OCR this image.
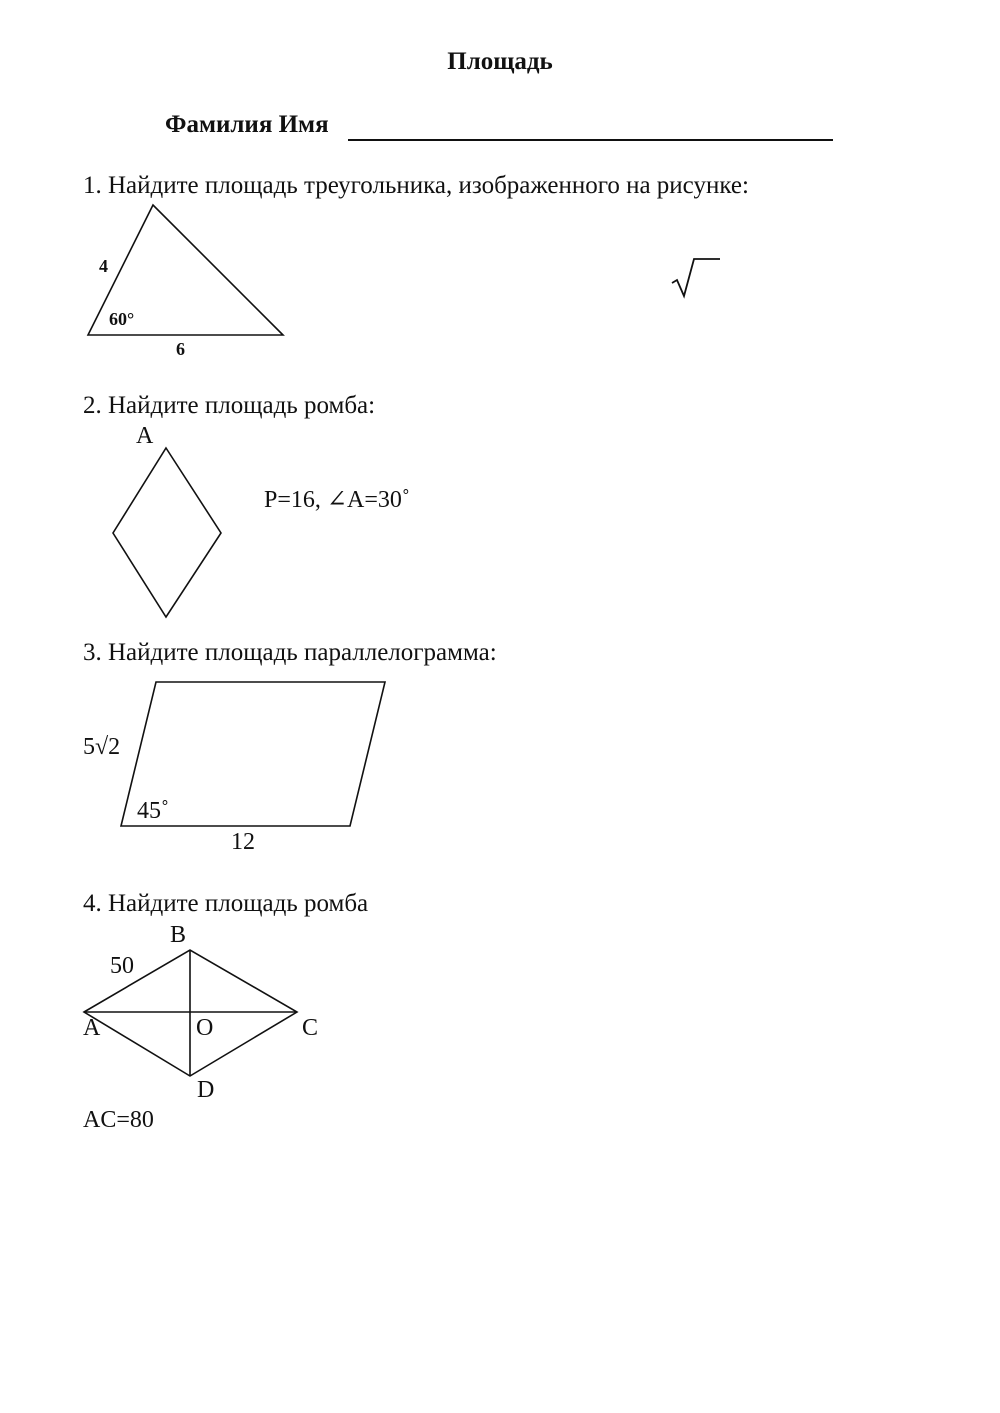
Площадь
Фамилия Имя
1. Найдите площадь треугольника, изображенного на рисунке:
4
60°
6
2. Найдите площадь ромба:
A
P=16, ∠A=30˚
3. Найдите площадь параллелограмма:
5√2
45˚
12
4. Найдите площадь ромба
B
50
A	O	C
D
AC=80
